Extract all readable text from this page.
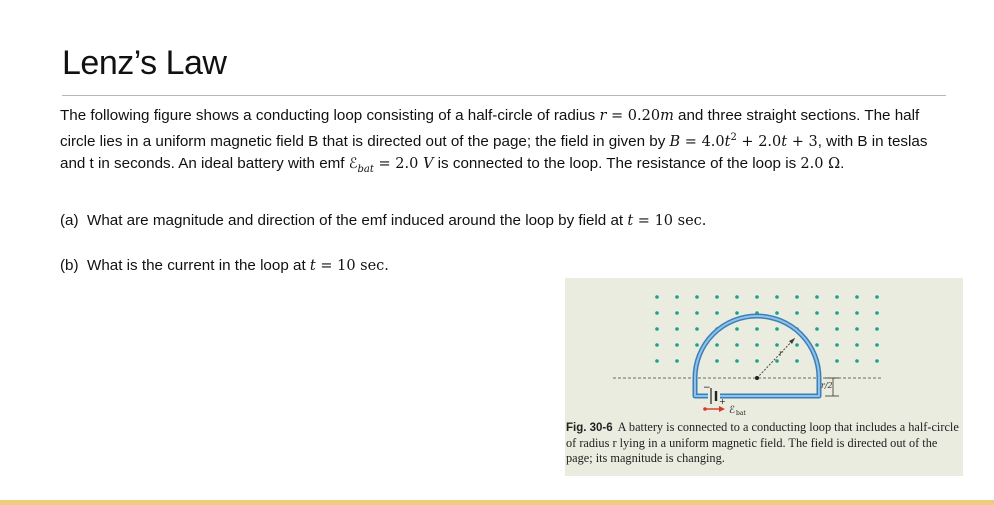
Lenz’s Law
The following figure shows a conducting loop consisting of a half-circle of radius r = 0.20m and three straight sections. The half circle lies in a uniform magnetic field B that is directed out of the page; the field in given by $B = 4.0t^2 + 2.0t + 3$, with B in teslas and t in seconds. An ideal battery with emf ℰ$_{bat}$ = 2.0 V is connected to the loop. The resistance of the loop is 2.0 Ω.
(a) What are magnitude and direction of the emf induced around the loop by field at t = 10 sec.
(b) What is the current in the loop at t = 10 sec.
−
+
ℰ bat
r
r/2
Fig. 30-6 A battery is connected to a conducting loop that includes a half-circle of radius r lying in a uniform magnetic field. The field is directed out of the page; its magnitude is changing.
